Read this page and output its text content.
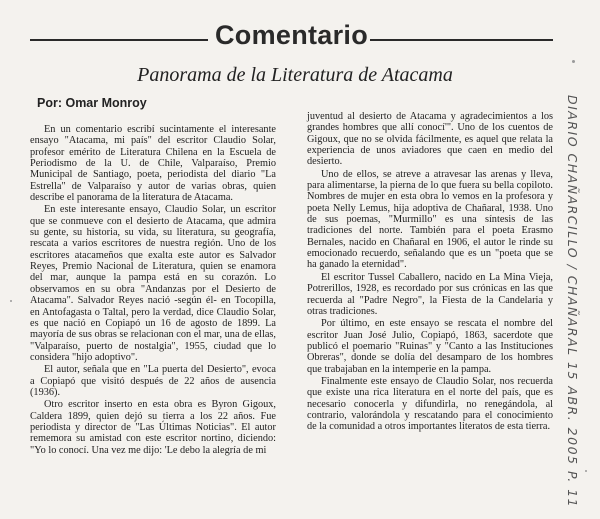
Comentario
Panorama de la Literatura de Atacama
Por: Omar Monroy

En un comentario escribí sucintamente el interesante ensayo "Atacama, mi país" del escritor Claudio Solar, profesor emérito de Literatura Chilena en la Escuela de Periodismo de la U. de Chile, Valparaíso, Premio Municipal de Santiago, poeta, periodista del diario "La Estrella" de Valparaíso y autor de varias obras, quien describe el panorama de la literatura de Atacama.

En este interesante ensayo, Claudio Solar, un escritor que se conmueve con el desierto de Atacama, que admira su gente, su historia, su vida, su literatura, su geografía, rescata a varios escritores de nuestra región. Uno de los escritores atacameños que exalta este autor es Salvador Reyes, Premio Nacional de Literatura, quien se enamora del mar, aunque la pampa está en su corazón. Lo observamos en su obra "Andanzas por el Desierto de Atacama". Salvador Reyes nació -según él- en Tocopilla, en Antofagasta o Taltal, pero la verdad, dice Claudio Solar, es que nació en Copiapó un 16 de agosto de 1899. La mayoría de sus obras se relacionan con el mar, una de ellas, "Valparaíso, puerto de nostalgia", 1955, ciudad que lo considera "hijo adoptivo".

El autor, señala que en "La puerta del Desierto", evoca a Copiapó que visitó después de 22 años de ausencia (1936).

Otro escritor inserto en esta obra es Byron Gigoux, Caldera 1899, quien dejó su tierra a los 22 años. Fue periodista y director de "Las Últimas Noticias". El autor rememora su amistad con este escritor nortino, diciendo: "Yo lo conocí. Una vez me dijo: 'Le debo la alegría de mi

juventud al desierto de Atacama y agradecimientos a los grandes hombres que allí conocí'". Uno de los cuentos de Gigoux, que no se olvida fácilmente, es aquel que relata la experiencia de unos aviadores que caen en medio del desierto.

Uno de ellos, se atreve a atravesar las arenas y lleva, para alimentarse, la pierna de lo que fuera su bella copiloto. Nombres de mujer en esta obra lo vemos en la profesora y poeta Nelly Lemus, hija adoptiva de Chañaral, 1938. Uno de sus poemas, "Murmillo" es una síntesis de las tradiciones del norte. También para el poeta Erasmo Bernales, nacido en Chañaral en 1906, el autor le rinde su emocionado recuerdo, señalando que es un "poeta que se ha ganado la eternidad".

El escritor Tussel Caballero, nacido en La Mina Vieja, Potrerillos, 1928, es recordado por sus crónicas en las que recuerda al "Padre Negro", la Fiesta de la Candelaria y otras tradiciones.

Por último, en este ensayo se rescata el nombre del escritor Juan José Julio, Copiapó, 1863, sacerdote que publicó el poemario "Ruinas" y "Canto a las Instituciones Obreras", donde se dolía del desamparo de los hombres que trabajaban en la intemperie en la pampa.

Finalmente este ensayo de Claudio Solar, nos recuerda que existe una rica literatura en el norte del país, que es necesario conocerla y difundirla, no renegándola, al contrario, valorándola y rescatando para el conocimiento de la comunidad a otros importantes literatos de esta tierra.	DIARIO CHAÑARCILLO / CHAÑARAL 15 ABR. 2005 P. 11
